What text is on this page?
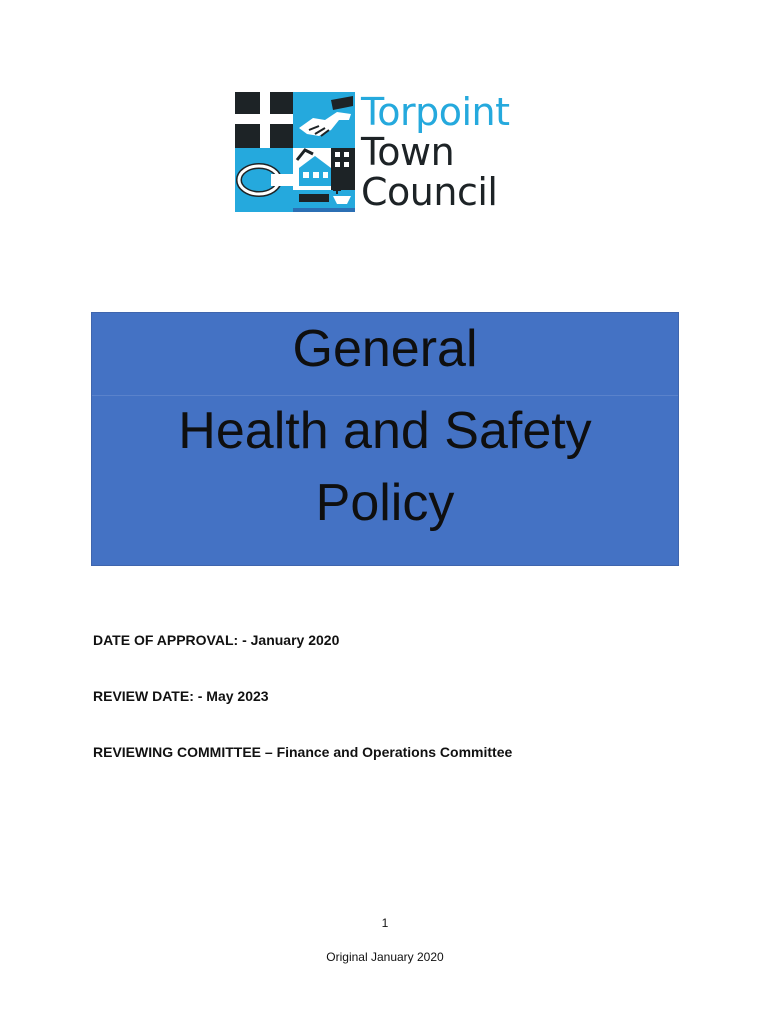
Torpoint
Town
Council
General
Health and Safety
Policy
DATE OF APPROVAL: - January 2020
REVIEW DATE: - May 2023
REVIEWING COMMITTEE – Finance and Operations Committee
1
Original January 2020
